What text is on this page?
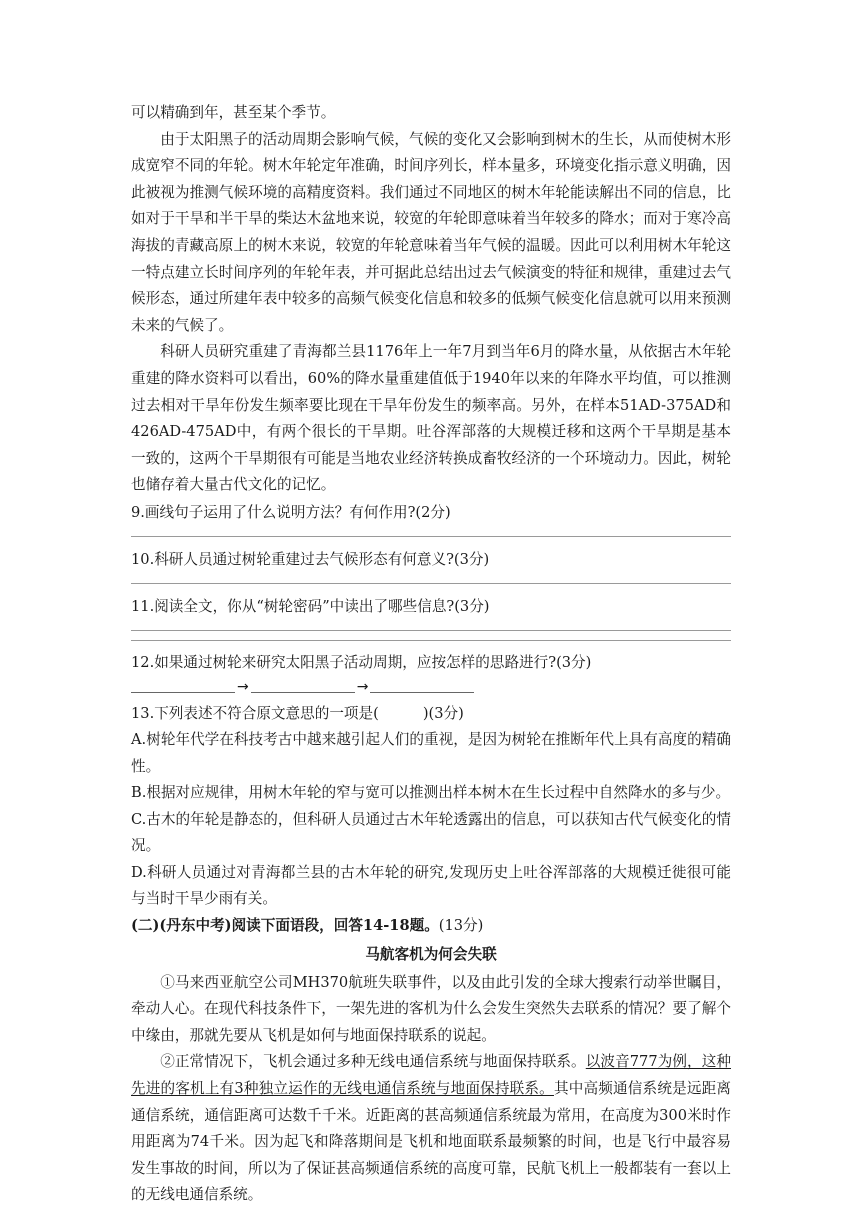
可以精确到年，甚至某个季节。

由于太阳黑子的活动周期会影响气候，气候的变化又会影响到树木的生长，从而使树木形成宽窄不同的年轮。树木年轮定年准确，时间序列长，样本量多，环境变化指示意义明确，因此被视为推测气候环境的高精度资料。我们通过不同地区的树木年轮能读解出不同的信息，比如对于干旱和半干旱的柴达木盆地来说，较宽的年轮即意味着当年较多的降水；而对于寒冷高海拔的青藏高原上的树木来说，较宽的年轮意味着当年气候的温暖。因此可以利用树木年轮这一特点建立长时间序列的年轮年表，并可据此总结出过去气候演变的特征和规律，重建过去气候形态，通过所建年表中较多的高频气候变化信息和较多的低频气候变化信息就可以用来预测未来的气候了。

科研人员研究重建了青海都兰县1176年上一年7月到当年6月的降水量，从依据古木年轮重建的降水资料可以看出，60%的降水量重建值低于1940年以来的年降水平均值，可以推测过去相对干旱年份发生频率要比现在干旱年份发生的频率高。另外，在样本51AD-375AD和426AD-475AD中，有两个很长的干旱期。吐谷浑部落的大规模迁移和这两个干旱期是基本一致的，这两个干旱期很有可能是当地农业经济转换成畜牧经济的一个环境动力。因此，树轮也储存着大量古代文化的记忆。

9.画线句子运用了什么说明方法？有何作用?(2分)

10.科研人员通过树轮重建过去气候形态有何意义?(3分)

11.阅读全文，你从“树轮密码”中读出了哪些信息?(3分)

12.如果通过树轮来研究太阳黑子活动周期，应按怎样的思路进行?(3分)

→	→

13.下列表述不符合原文意思的一项是(	)(3分)

A.树轮年代学在科技考古中越来越引起人们的重视，是因为树轮在推断年代上具有高度的精确性。

B.根据对应规律，用树木年轮的窄与宽可以推测出样本树木在生长过程中自然降水的多与少。

C.古木的年轮是静态的，但科研人员通过古木年轮透露出的信息，可以获知古代气候变化的情况。

D.科研人员通过对青海都兰县的古木年轮的研究,发现历史上吐谷浑部落的大规模迁徙很可能与当时干旱少雨有关。

(二)(丹东中考)阅读下面语段，回答14-18题。(13分)

马航客机为何会失联

①马来西亚航空公司MH370航班失联事件，以及由此引发的全球大搜索行动举世瞩目，牵动人心。在现代科技条件下，一架先进的客机为什么会发生突然失去联系的情况？要了解个中缘由，那就先要从飞机是如何与地面保持联系的说起。

②正常情况下，飞机会通过多种无线电通信系统与地面保持联系。以波音777为例，这种先进的客机上有3种独立运作的无线电通信系统与地面保持联系。其中高频通信系统是远距离通信系统，通信距离可达数千千米。近距离的甚高频通信系统最为常用，在高度为300米时作用距离为74千米。因为起飞和降落期间是飞机和地面联系最频繁的时间，也是飞行中最容易发生事故的时间，所以为了保证甚高频通信系统的高度可靠，民航飞机上一般都装有一套以上的无线电通信系统。
